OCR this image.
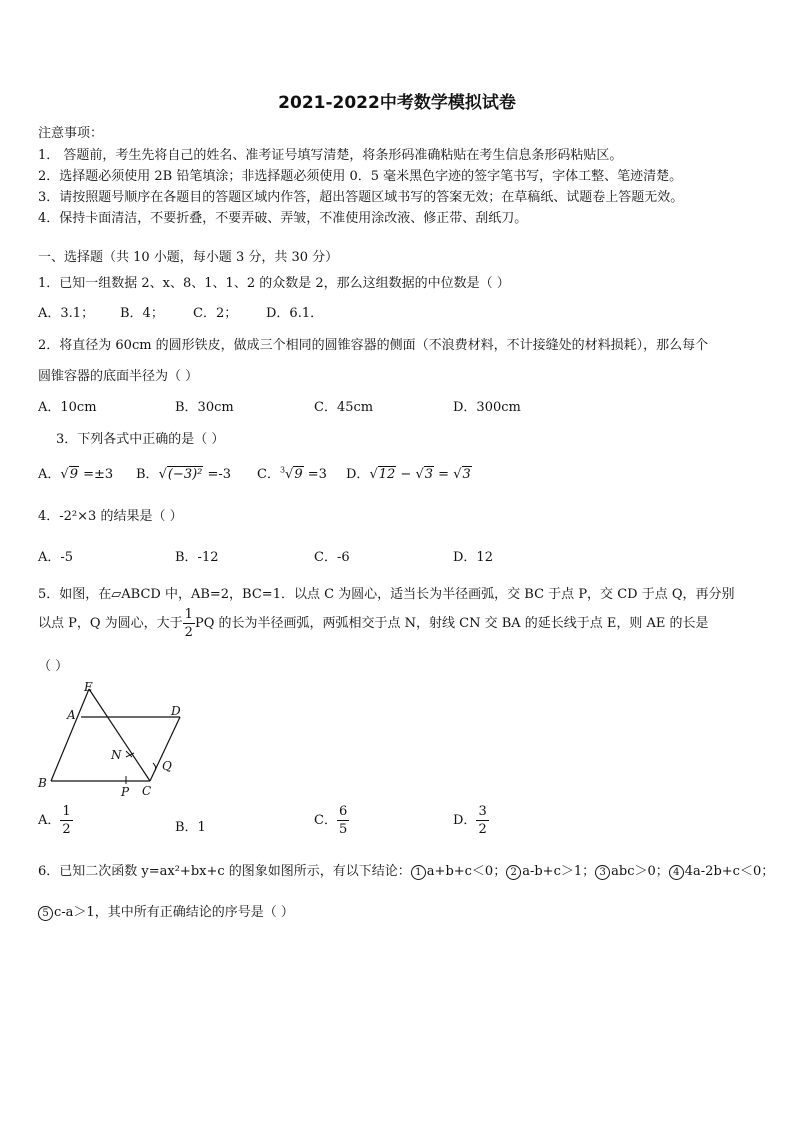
2021-2022中考数学模拟试卷
注意事项：
1． 答题前，考生先将自己的姓名、准考证号填写清楚，将条形码准确粘贴在考生信息条形码粘贴区。
2．选择题必须使用 2B 铅笔填涂；非选择题必须使用 0．5 毫米黑色字迹的签字笔书写，字体工整、笔迹清楚。
3．请按照题号顺序在各题目的答题区域内作答，超出答题区域书写的答案无效；在草稿纸、试题卷上答题无效。
4．保持卡面清洁，不要折叠，不要弄破、弄皱，不准使用涂改液、修正带、刮纸刀。
一、选择题（共 10 小题，每小题 3 分，共 30 分）
1．已知一组数据 2、x、8、1、1、2 的众数是 2，那么这组数据的中位数是（ ）
A．3.1； B．4； C．2； D．6.1．
2．将直径为 60cm 的圆形铁皮，做成三个相同的圆锥容器的侧面（不浪费材料，不计接缝处的材料损耗），那么每个
圆锥容器的底面半径为（ ）
A．10cm	B．30cm	C．45cm	D．300cm
3．下列各式中正确的是（ ）
A．√9 =±3 B．√(−3)² =-3 C．$^3$√9 =3 D．√12 − √3 = √3
4．-2²×3 的结果是（ ）
A．-5	B．-12	C．-6	D．12
5．如图，在▱ABCD 中，AB=2，BC=1．以点 C 为圆心，适当长为半径画弧，交 BC 于点 P，交 CD 于点 Q，再分别
以点 P，Q 为圆心，大于 $\frac{1}{2}$ PQ 的长为半径画弧，两弧相交于点 N，射线 CN 交 BA 的延长线于点 E，则 AE 的长是
（ ）
E
A	D
N
Q
B
P C
A． $\frac{1}{2}$	B．1	C． $\frac{6}{5}$	D． $\frac{3}{2}$
6．已知二次函数 y=ax²+bx+c 的图象如图所示，有以下结论： 1 a+b+c＜0； 2 a-b+c＞1； 3 abc＞0； 4 4a-2b+c＜0；
5 c-a＞1，其中所有正确结论的序号是（ ）
